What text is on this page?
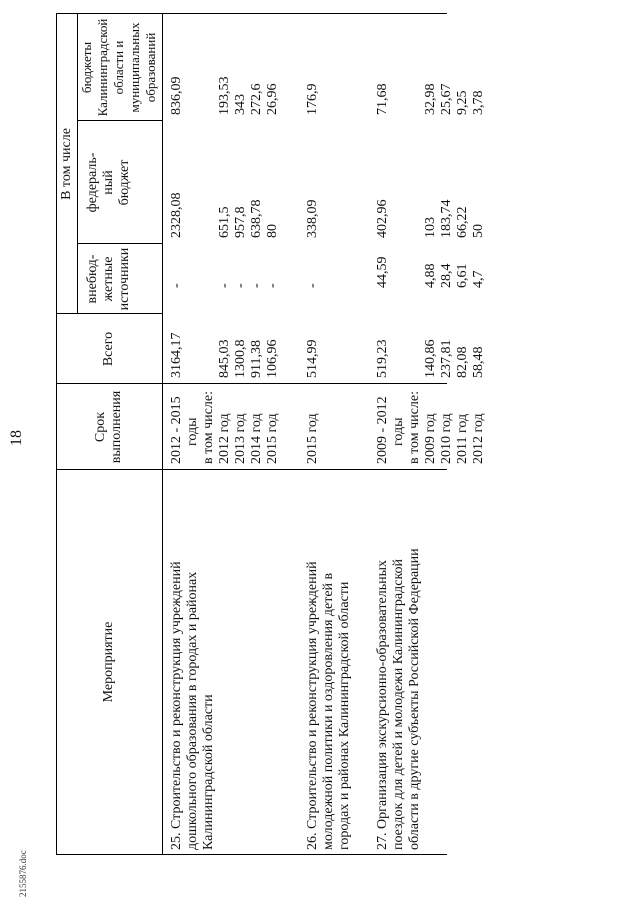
18
Мероприятие
Срок выполнения
Всего
В том числе федераль- ный бюджет
бюджеты Калининградской области и муниципальных образований
внебюд- жетные источники
25. Строительство и реконструкция учреждений дошкольного образования в городах и районах Калининградской области
2012 - 2015 годы в том числе: 2012 год 2013 год 2014 год 2015 год
3164,17 845,03 1300,8 911,38 106,96
2328,08 651,5 957,8 638,78 80
836,09 193,53 343 272,6 26,96
- - - - -
26. Строительство и реконструкция учреждений молодежной политики и оздоровления детей в городах и районах Калининградской области
2015 год
514,99
338,09
176,9
-
27. Организация экскурсионно-образовательных поездок для детей и молодежи Калининградской области в другие субъекты Российской Федерации
2009 - 2012 годы в том числе: 2009 год 2010 год 2011 год 2012 год
519,23 140,86 237,81 82,08 58,48
402,96 103 183,74 66,22 50
71,68 32,98 25,67 9,25 3,78
44,59 4,88 28,4 6,61 4,7
2155876.doc
